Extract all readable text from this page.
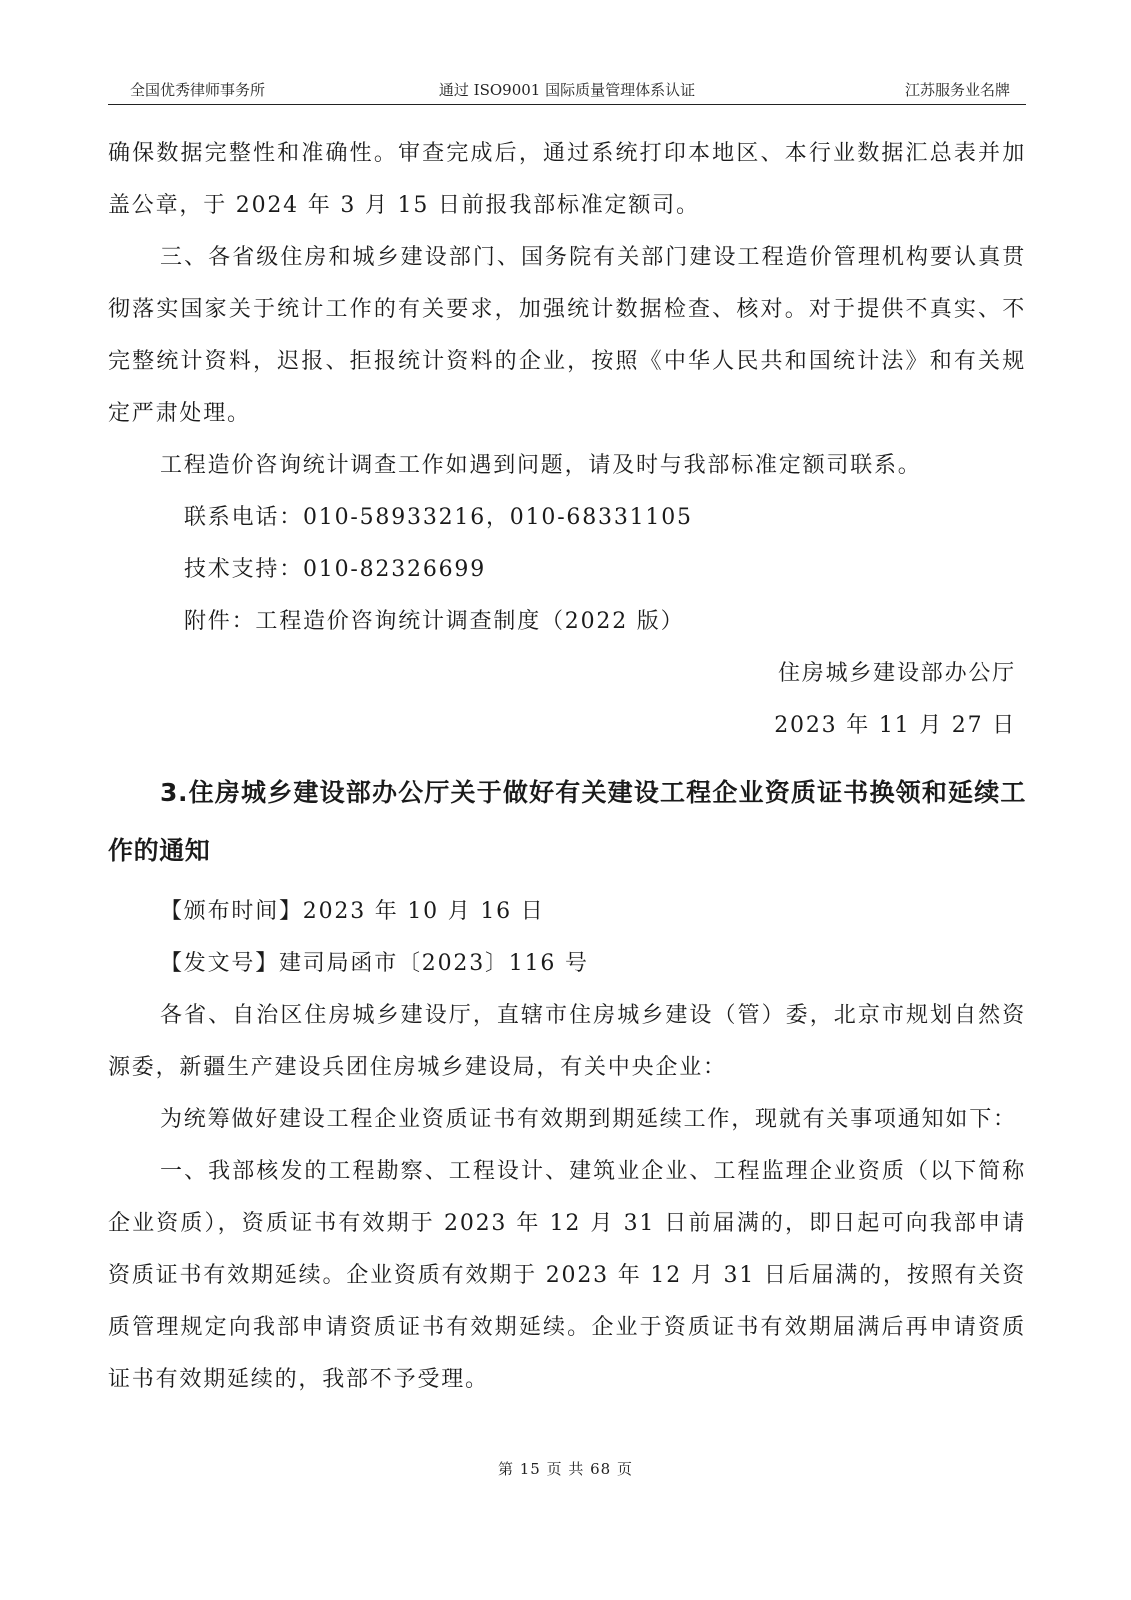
全国优秀律师事务所	通过 ISO9001 国际质量管理体系认证	江苏服务业名牌

确保数据完整性和准确性。审查完成后，通过系统打印本地区、本行业数据汇总表并加盖公章，于 2024 年 3 月 15 日前报我部标准定额司。

三、各省级住房和城乡建设部门、国务院有关部门建设工程造价管理机构要认真贯彻落实国家关于统计工作的有关要求，加强统计数据检查、核对。对于提供不真实、不完整统计资料，迟报、拒报统计资料的企业，按照《中华人民共和国统计法》和有关规定严肃处理。

工程造价咨询统计调查工作如遇到问题，请及时与我部标准定额司联系。

联系电话：010-58933216，010-68331105

技术支持：010-82326699

附件：工程造价咨询统计调查制度（2022 版）

住房城乡建设部办公厅

2023 年 11 月 27 日

3.住房城乡建设部办公厅关于做好有关建设工程企业资质证书换领和延续工作的通知

【颁布时间】2023 年 10 月 16 日

【发文号】建司局函市〔2023〕116 号

各省、自治区住房城乡建设厅，直辖市住房城乡建设（管）委，北京市规划自然资源委，新疆生产建设兵团住房城乡建设局，有关中央企业：

为统筹做好建设工程企业资质证书有效期到期延续工作，现就有关事项通知如下：

一、我部核发的工程勘察、工程设计、建筑业企业、工程监理企业资质（以下简称企业资质），资质证书有效期于 2023 年 12 月 31 日前届满的，即日起可向我部申请资质证书有效期延续。企业资质有效期于 2023 年 12 月 31 日后届满的，按照有关资质管理规定向我部申请资质证书有效期延续。企业于资质证书有效期届满后再申请资质证书有效期延续的，我部不予受理。

第 15 页 共 68 页
